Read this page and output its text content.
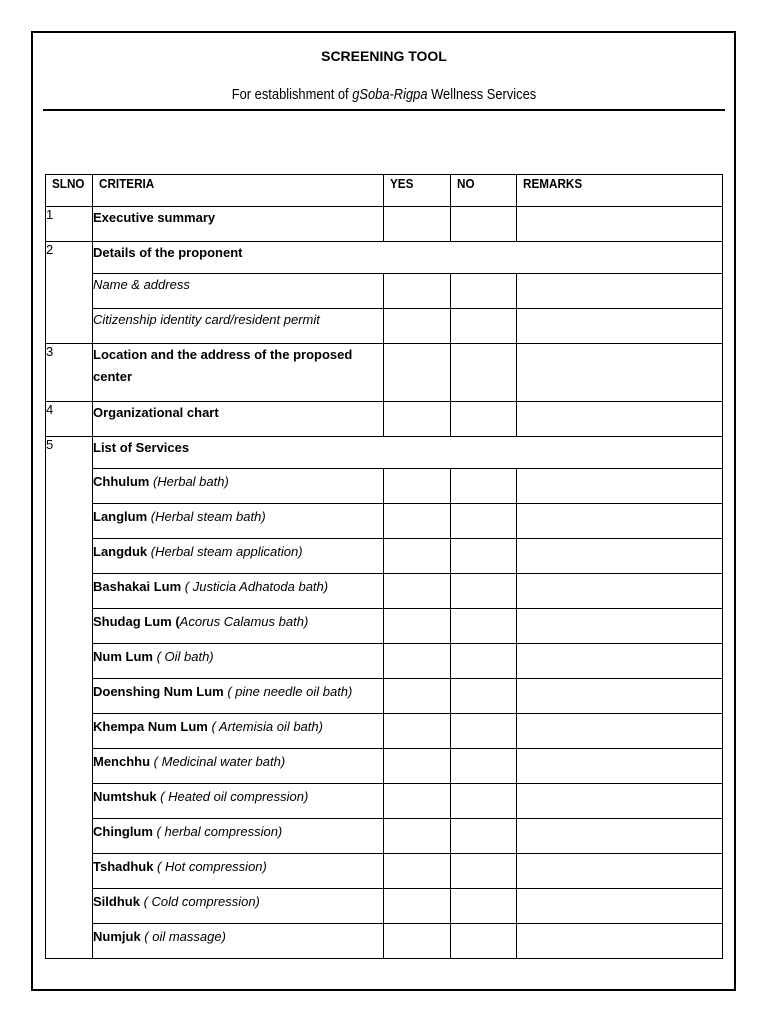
SCREENING TOOL
For establishment of gSoba-Rigpa Wellness Services
SLNO	CRITERIA	YES	NO	REMARKS
1	Executive summary			
2	Details of the proponent			
	Name & address			
	Citizenship identity card/resident permit			
3	Location and the address of the proposed center			
4	Organizational chart			
5	List of Services			
	Chhulum (Herbal bath)			
	Langlum (Herbal steam bath)			
	Langduk (Herbal steam application)			
	Bashakai Lum ( Justicia Adhatoda bath)			
	Shudag Lum (Acorus Calamus bath)			
	Num Lum ( Oil bath)			
	Doenshing Num Lum ( pine needle oil bath)			
	Khempa Num Lum ( Artemisia oil bath)			
	Menchhu ( Medicinal water bath)			
	Numtshuk ( Heated oil compression)			
	Chinglum ( herbal compression)			
	Tshadhuk ( Hot compression)			
	Sildhuk ( Cold compression)			
	Numjuk ( oil massage)			
